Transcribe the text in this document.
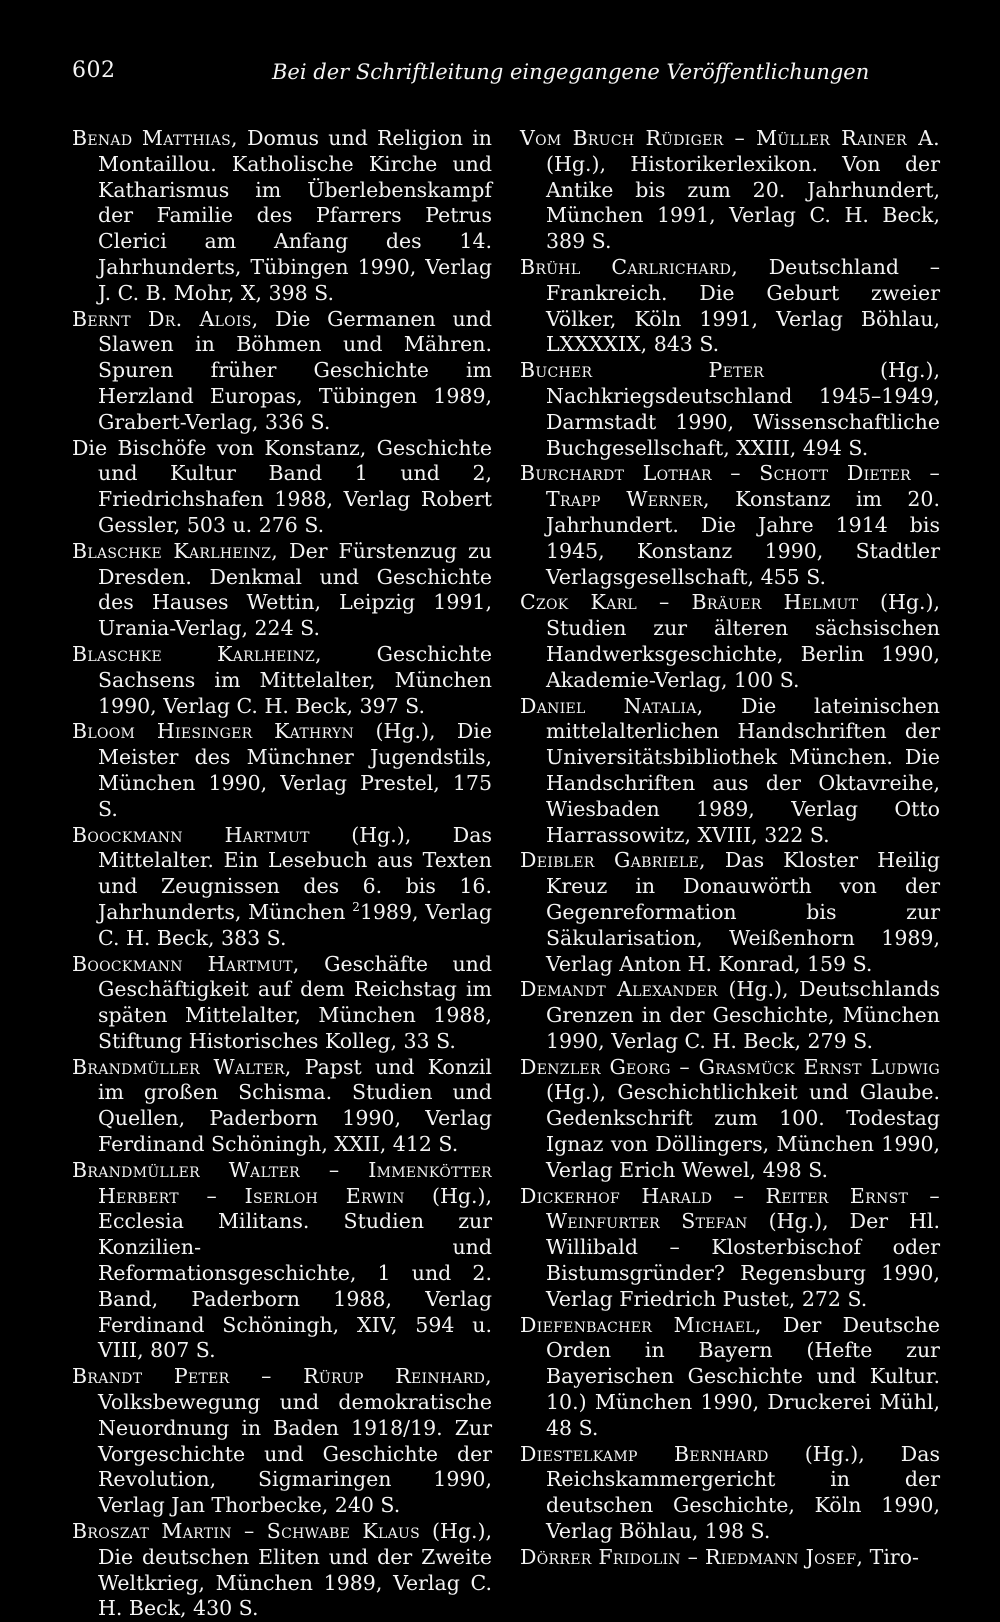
602	Bei der Schriftleitung eingegangene Veröffentlichungen

Benad Matthias, Domus und Religion in Montaillou. Katholische Kirche und Katharismus im Überlebenskampf der Familie des Pfarrers Petrus Clerici am Anfang des 14. Jahrhunderts, Tübingen 1990, Verlag J. C. B. Mohr, X, 398 S.

Bernt Dr. Alois, Die Germanen und Slawen in Böhmen und Mähren. Spuren früher Geschichte im Herzland Europas, Tübingen 1989, Grabert-Verlag, 336 S.

Die Bischöfe von Konstanz, Geschichte und Kultur Band 1 und 2, Friedrichshafen 1988, Verlag Robert Gessler, 503 u. 276 S.

Blaschke Karlheinz, Der Fürstenzug zu Dresden. Denkmal und Geschichte des Hauses Wettin, Leipzig 1991, Urania-Verlag, 224 S.

Blaschke Karlheinz, Geschichte Sachsens im Mittelalter, München 1990, Verlag C. H. Beck, 397 S.

Bloom Hiesinger Kathryn (Hg.), Die Meister des Münchner Jugendstils, München 1990, Verlag Prestel, 175 S.

Boockmann Hartmut (Hg.), Das Mittelalter. Ein Lesebuch aus Texten und Zeugnissen des 6. bis 16. Jahrhunderts, München $^2$1989, Verlag C. H. Beck, 383 S.

Boockmann Hartmut, Geschäfte und Geschäftigkeit auf dem Reichstag im späten Mittelalter, München 1988, Stiftung Historisches Kolleg, 33 S.

Brandmüller Walter, Papst und Konzil im großen Schisma. Studien und Quellen, Paderborn 1990, Verlag Ferdinand Schöningh, XXII, 412 S.

Brandmüller Walter – Immenkötter Herbert – Iserloh Erwin (Hg.), Ecclesia Militans. Studien zur Konzilien- und Reformationsgeschichte, 1 und 2. Band, Paderborn 1988, Verlag Ferdinand Schöningh, XIV, 594 u. VIII, 807 S.

Brandt Peter – Rürup Reinhard, Volksbewegung und demokratische Neuordnung in Baden 1918/19. Zur Vorgeschichte und Geschichte der Revolution, Sigmaringen 1990, Verlag Jan Thorbecke, 240 S.

Broszat Martin – Schwabe Klaus (Hg.), Die deutschen Eliten und der Zweite Weltkrieg, München 1989, Verlag C. H. Beck, 430 S.

Vom Bruch Rüdiger – Müller Rainer A. (Hg.), Historikerlexikon. Von der Antike bis zum 20. Jahrhundert, München 1991, Verlag C. H. Beck, 389 S.

Brühl Carlrichard, Deutschland – Frankreich. Die Geburt zweier Völker, Köln 1991, Verlag Böhlau, LXXXXIX, 843 S.

Bucher Peter (Hg.), Nachkriegsdeutschland 1945–1949, Darmstadt 1990, Wissenschaftliche Buchgesellschaft, XXIII, 494 S.

Burchardt Lothar – Schott Dieter – Trapp Werner, Konstanz im 20. Jahrhundert. Die Jahre 1914 bis 1945, Konstanz 1990, Stadtler Verlagsgesellschaft, 455 S.

Czok Karl – Bräuer Helmut (Hg.), Studien zur älteren sächsischen Handwerksgeschichte, Berlin 1990, Akademie-Verlag, 100 S.

Daniel Natalia, Die lateinischen mittelalterlichen Handschriften der Universitätsbibliothek München. Die Handschriften aus der Oktavreihe, Wiesbaden 1989, Verlag Otto Harrassowitz, XVIII, 322 S.

Deibler Gabriele, Das Kloster Heilig Kreuz in Donauwörth von der Gegenreformation bis zur Säkularisation, Weißenhorn 1989, Verlag Anton H. Konrad, 159 S.

Demandt Alexander (Hg.), Deutschlands Grenzen in der Geschichte, München 1990, Verlag C. H. Beck, 279 S.

Denzler Georg – Grasmück Ernst Ludwig (Hg.), Geschichtlichkeit und Glaube. Gedenkschrift zum 100. Todestag Ignaz von Döllingers, München 1990, Verlag Erich Wewel, 498 S.

Dickerhof Harald – Reiter Ernst – Weinfurter Stefan (Hg.), Der Hl. Willibald – Klosterbischof oder Bistumsgründer? Regensburg 1990, Verlag Friedrich Pustet, 272 S.

Diefenbacher Michael, Der Deutsche Orden in Bayern (Hefte zur Bayerischen Geschichte und Kultur. 10.) München 1990, Druckerei Mühl, 48 S.

Diestelkamp Bernhard (Hg.), Das Reichskammergericht in der deutschen Geschichte, Köln 1990, Verlag Böhlau, 198 S.

Dörrer Fridolin – Riedmann Josef, Tiro-
